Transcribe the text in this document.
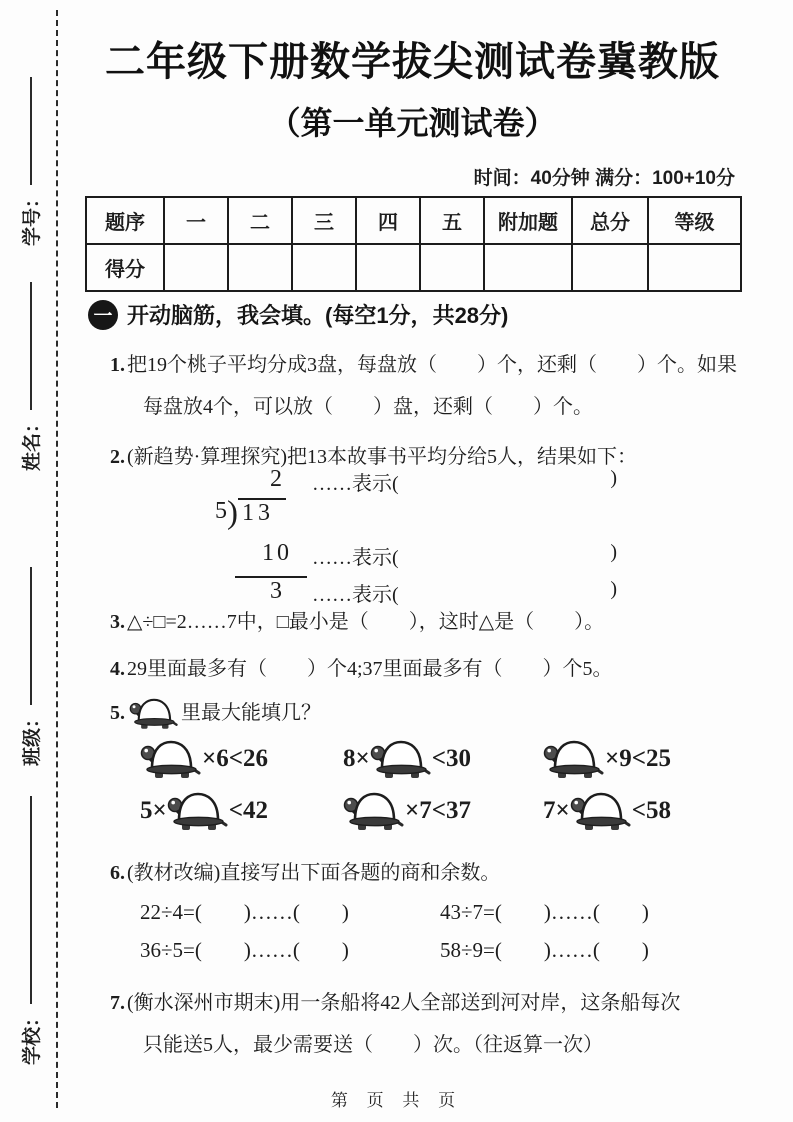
学号：
姓名：
班级：
学校：
二年级下册数学拔尖测试卷冀教版
（第一单元测试卷）
时间：40分钟 满分：100+10分
题序	一	二	三	四	五	附加题	总分	等级
得分								
一 开动脑筋，我会填。(每空1分，共28分)
1. 把19个桃子平均分成3盘，每盘放（　　）个，还剩（　　）个。如果
每盘放4个，可以放（　　）盘，还剩（　　）个。
2. (新趋势·算理探究)把13本故事书平均分给5人，结果如下：
2
5 ) 13
10
3
……表示(	)
……表示(	)
……表示(	)
3. △÷□=2……7中，□最小是（　　），这时△是（　　）。
4. 29里面最多有（　　）个4;37里面最多有（　　）个5。
5.	里最大能填几？
×6<26	8× <30	×9<25
5× <42	×7<37	7× <58
6. (教材改编)直接写出下面各题的商和余数。
22÷4=(　　)……(　　)	43÷7=(　　)……(　　)
36÷5=(　　)……(　　)	58÷9=(　　)……(　　)
7. (衡水深州市期末)用一条船将42人全部送到河对岸，这条船每次
只能送5人，最少需要送（　　）次。（往返算一次）
第 页 共 页
